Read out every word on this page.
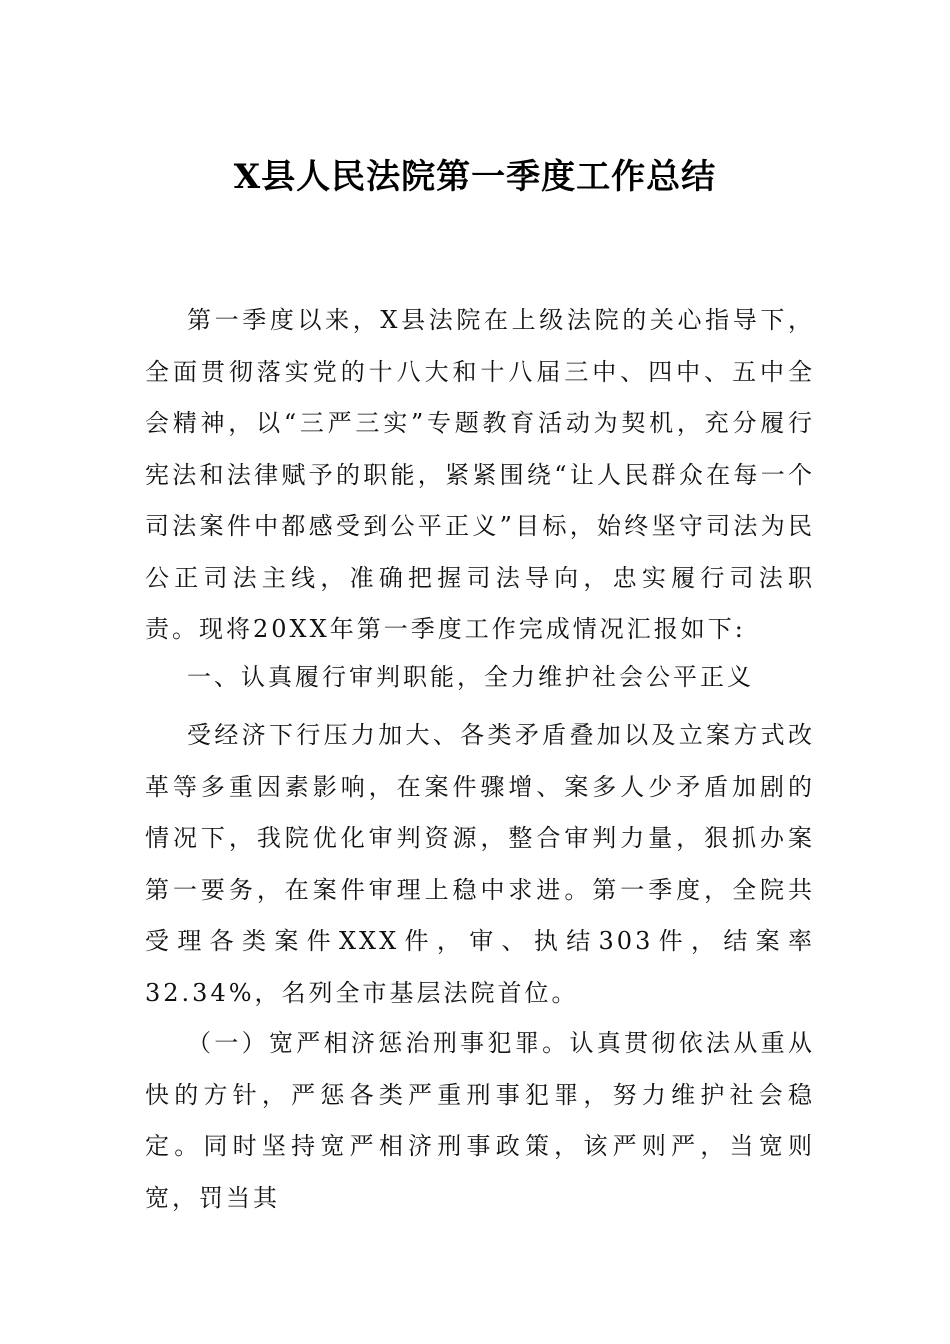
X县人民法院第一季度工作总结

第一季度以来，X县法院在上级法院的关心指导下，全面贯彻落实党的十八大和十八届三中、四中、五中全会精神，以“三严三实”专题教育活动为契机，充分履行宪法和法律赋予的职能，紧紧围绕“让人民群众在每一个司法案件中都感受到公平正义”目标，始终坚守司法为民公正司法主线，准确把握司法导向，忠实履行司法职责。现将20XX年第一季度工作完成情况汇报如下:

一、认真履行审判职能，全力维护社会公平正义

受经济下行压力加大、各类矛盾叠加以及立案方式改革等多重因素影响，在案件骤增、案多人少矛盾加剧的情况下，我院优化审判资源，整合审判力量，狠抓办案第一要务，在案件审理上稳中求进。第一季度，全院共受理各类案件XXX件，审、执结303件，结案率32.34%，名列全市基层法院首位。

（一）宽严相济惩治刑事犯罪。认真贯彻依法从重从快的方针，严惩各类严重刑事犯罪，努力维护社会稳定。同时坚持宽严相济刑事政策，该严则严，当宽则宽，罚当其
